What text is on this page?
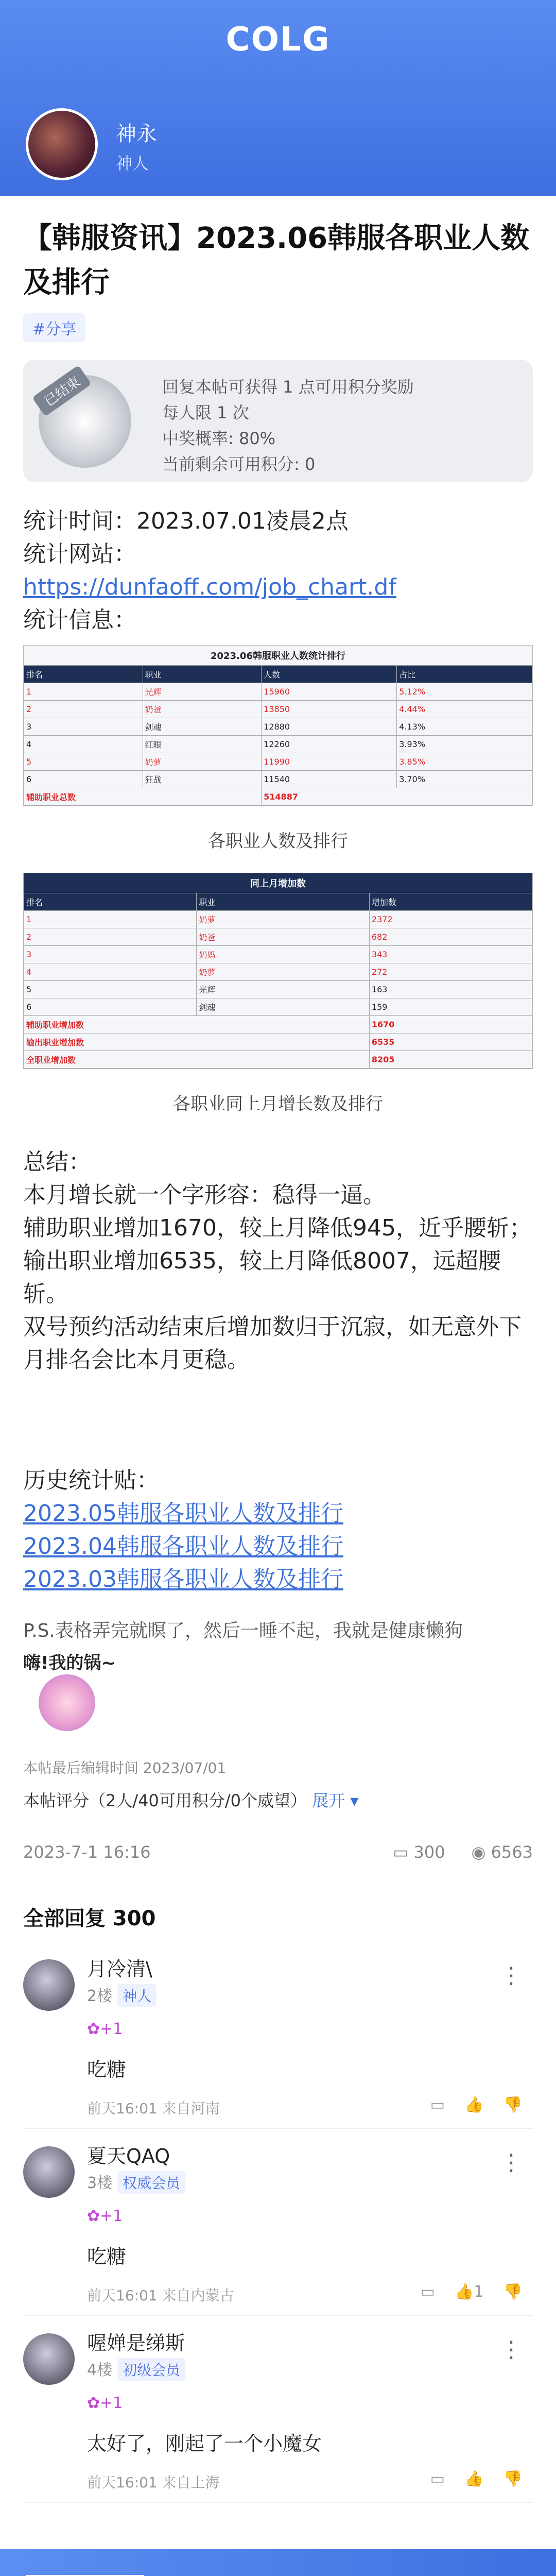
COLG
神永
神人
【韩服资讯】2023.06韩服各职业人数及排行
#分享
已结束	回复本帖可获得 1 点可用积分奖励
每人限 1 次
中奖概率: 80%
当前剩余可用积分: 0
统计时间：2023.07.01凌晨2点
统计网站：
https://dunfaoff.com/job_chart.df
统计信息：
2023.06韩服职业人数统计排行
排名	职业	人数	占比
1	光辉	15960	5.12%
2	奶爸	13850	4.44%
3	剑魂	12880	4.13%
4	红眼	12260	3.93%
5	奶萝	11990	3.85%
6	狂战	11540	3.70%
辅助职业总数		514887	
各职业人数及排行
同上月增加数
排名	职业	增加数
1	奶萝	2372
2	奶爸	682
3	奶妈	343
4	奶萝	272
5	光辉	163
6	剑魂	159
辅助职业增加数		1670
输出职业增加数		6535
全职业增加数		8205
各职业同上月增长数及排行
总结：
本月增长就一个字形容：稳得一逼。
辅助职业增加1670，较上月降低945，近乎腰斩；输出职业增加6535，较上月降低8007，远超腰斩。
双号预约活动结束后增加数归于沉寂，如无意外下月排名会比本月更稳。
历史统计贴：
2023.05韩服各职业人数及排行
2023.04韩服各职业人数及排行
2023.03韩服各职业人数及排行
P.S.表格弄完就瞑了，然后一睡不起，我就是健康懒狗
嗨!我的锅~
本帖最后编辑时间 2023/07/01
本帖评分（2人/40可用积分/0个威望） 展开 ▾
2023-7-1 16:16	▭ 300 ◉ 6563
全部回复 300
月冷清\
2楼 神人
⋮
✿+1
吃糖
前天16:01 来自河南	▭ 👍 👎
夏天QAQ
3楼 权威会员
⋮
✿+1
吃糖
前天16:01 来自内蒙古	▭ 👍1 👎
喔婵是绨斯
4楼 初级会员
⋮
✿+1
太好了，刚起了一个小魔女
前天16:01 来自上海	▭ 👍 👎
